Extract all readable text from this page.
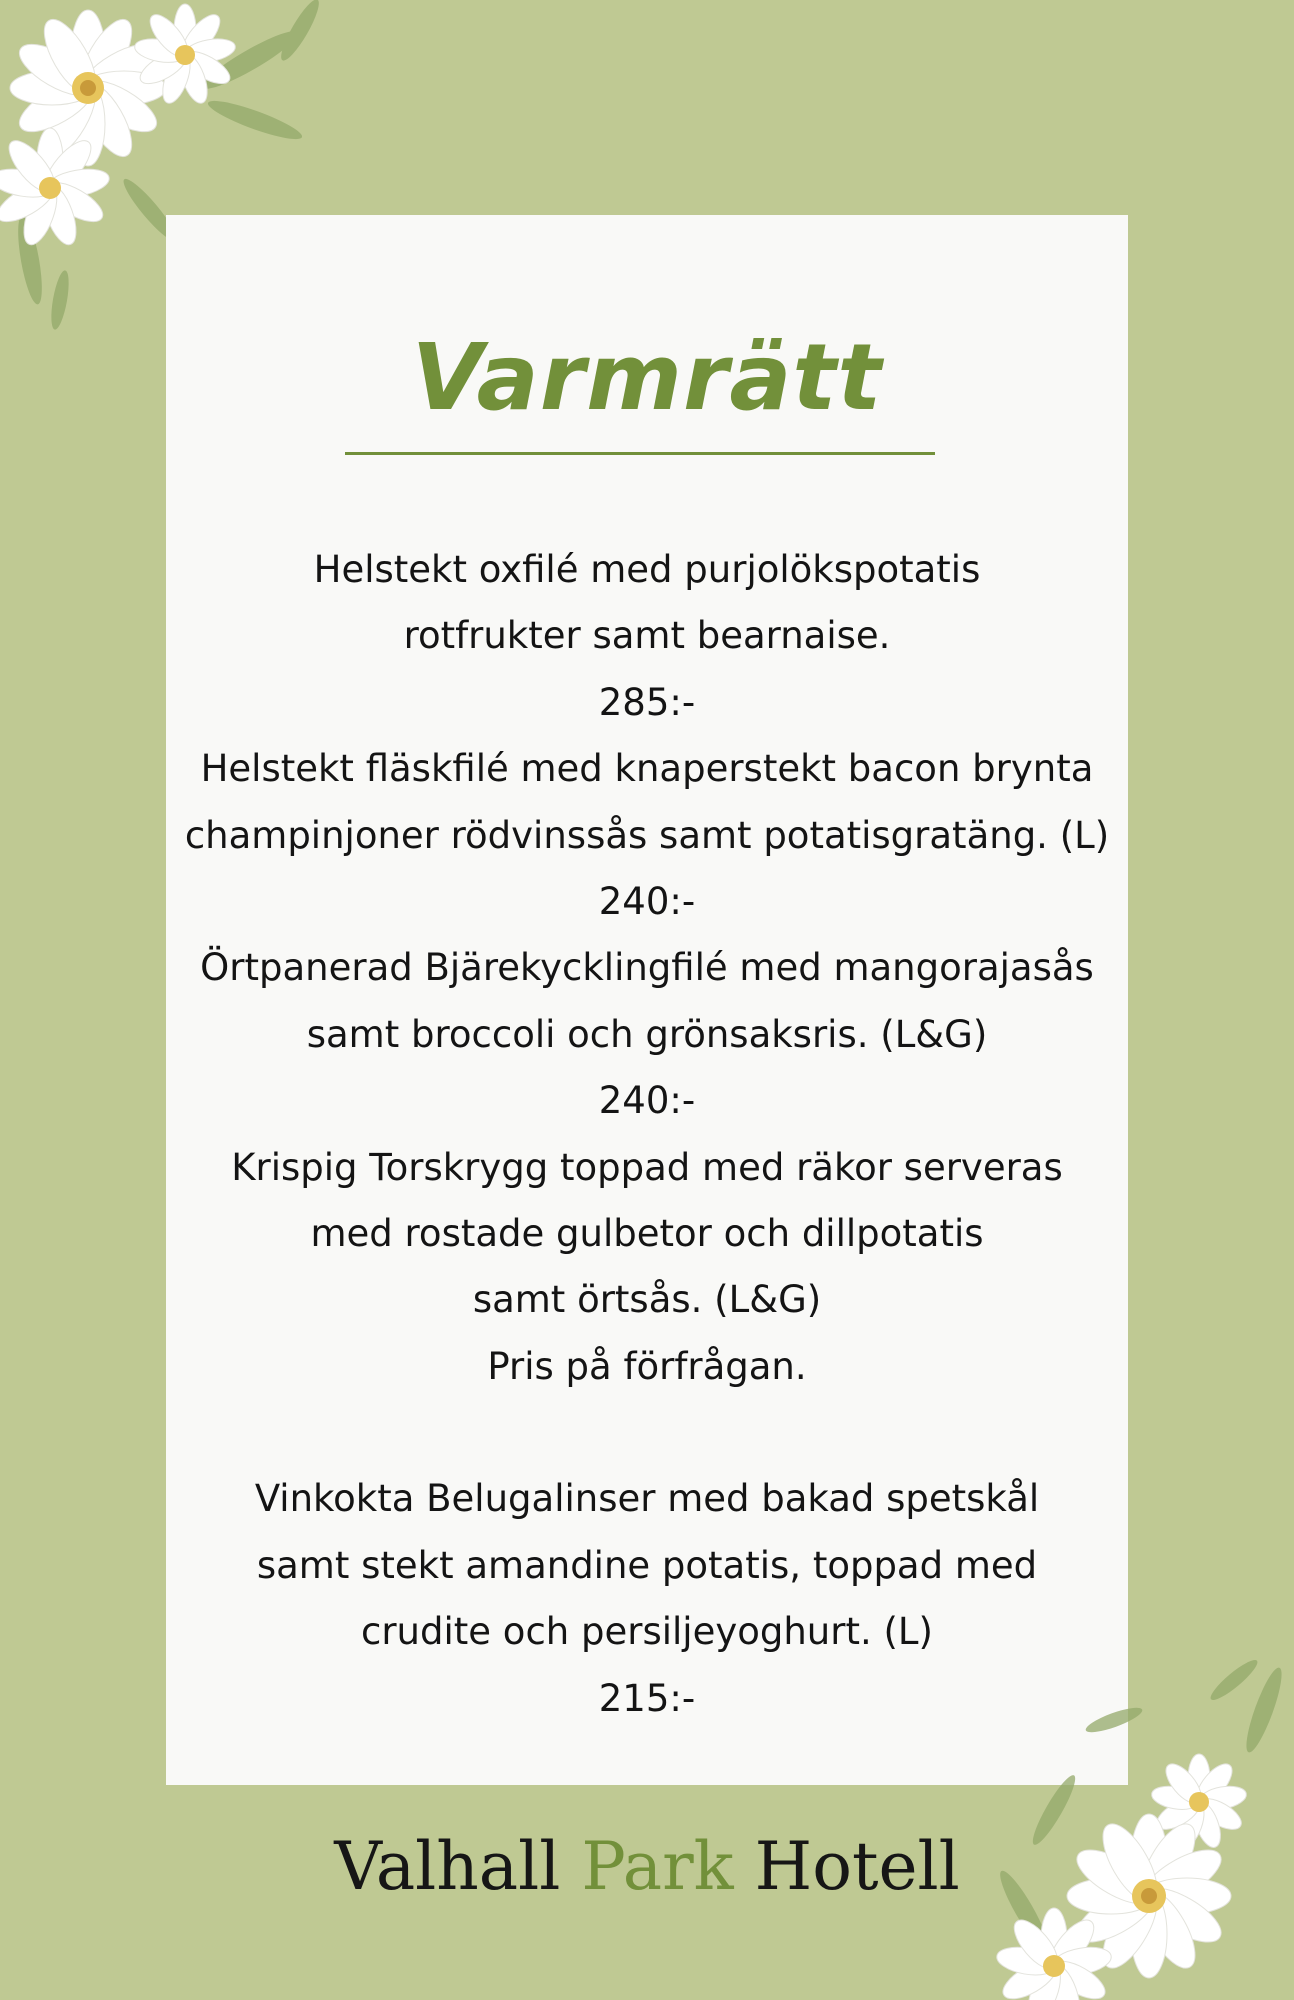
Varmrätt
Helstekt oxfilé med purjolökspotatis
rotfrukter samt bearnaise.
285:-
Helstekt fläskfilé med knaperstekt bacon brynta
champinjoner rödvinssås samt potatisgratäng. (L)
240:-
Örtpanerad Bjärekycklingfilé med mangorajasås
samt broccoli och grönsaksris. (L&G)
240:-
Krispig Torskrygg toppad med räkor serveras
med rostade gulbetor och dillpotatis
samt örtsås. (L&G)
Pris på förfrågan.
Vinkokta Belugalinser med bakad spetskål
samt stekt amandine potatis, toppad med
crudite och persiljeyoghurt. (L)
215:-
Valhall Park Hotell
